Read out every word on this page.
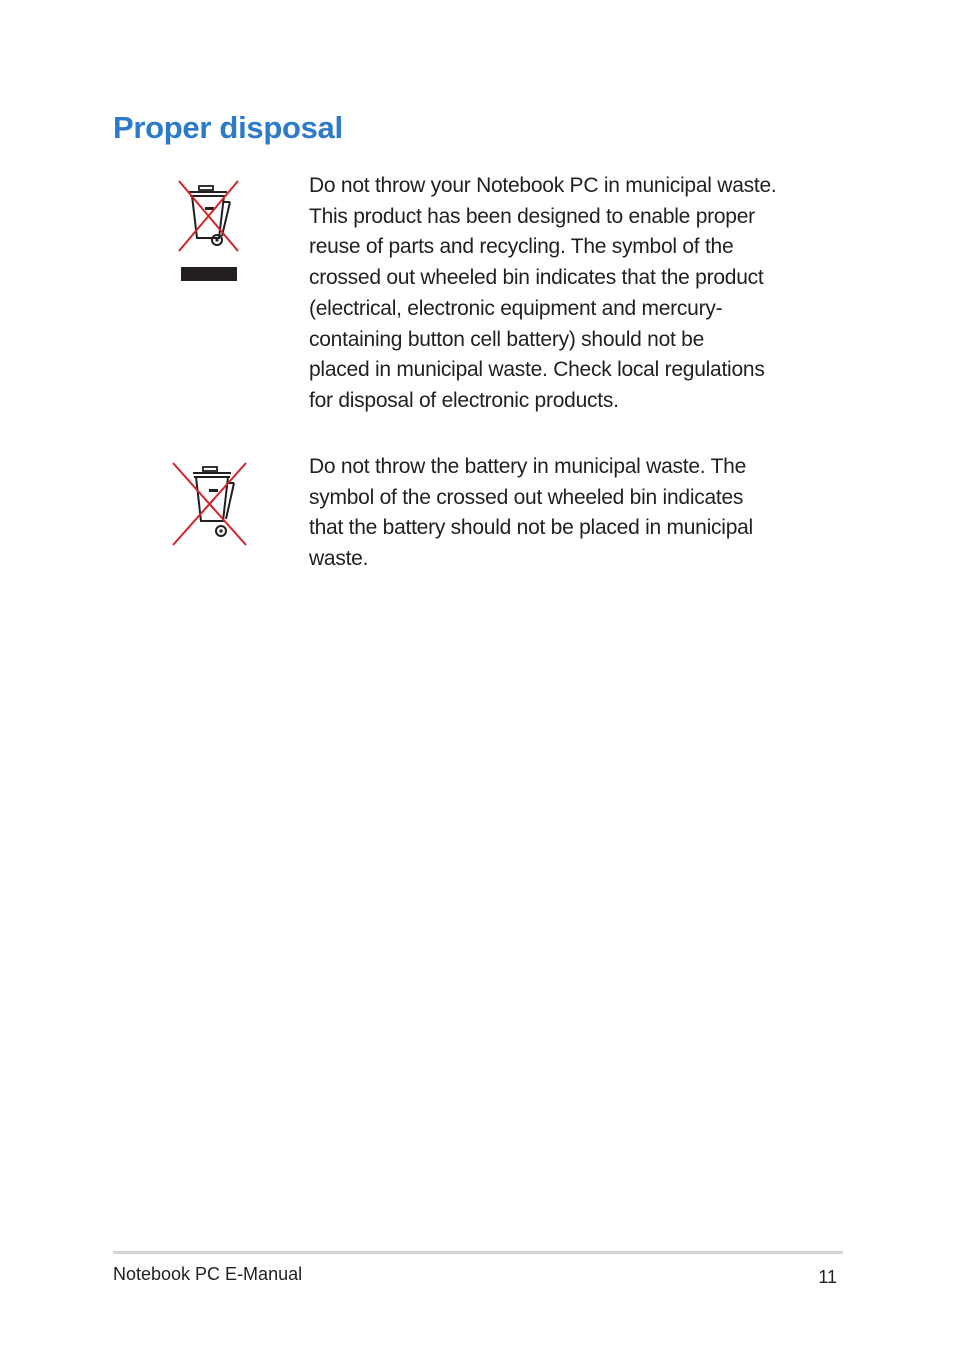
Proper disposal

Do not throw your Notebook PC in municipal waste.
This product has been designed to enable proper
reuse of parts and recycling. The symbol of the
crossed out wheeled bin indicates that the product
(electrical, electronic equipment and mercury-
containing button cell battery) should not be
placed in municipal waste. Check local regulations
for disposal of electronic products.

Do not throw the battery in municipal waste. The
symbol of the crossed out wheeled bin indicates
that the battery should not be placed in municipal
waste.

Notebook PC E-Manual	11
